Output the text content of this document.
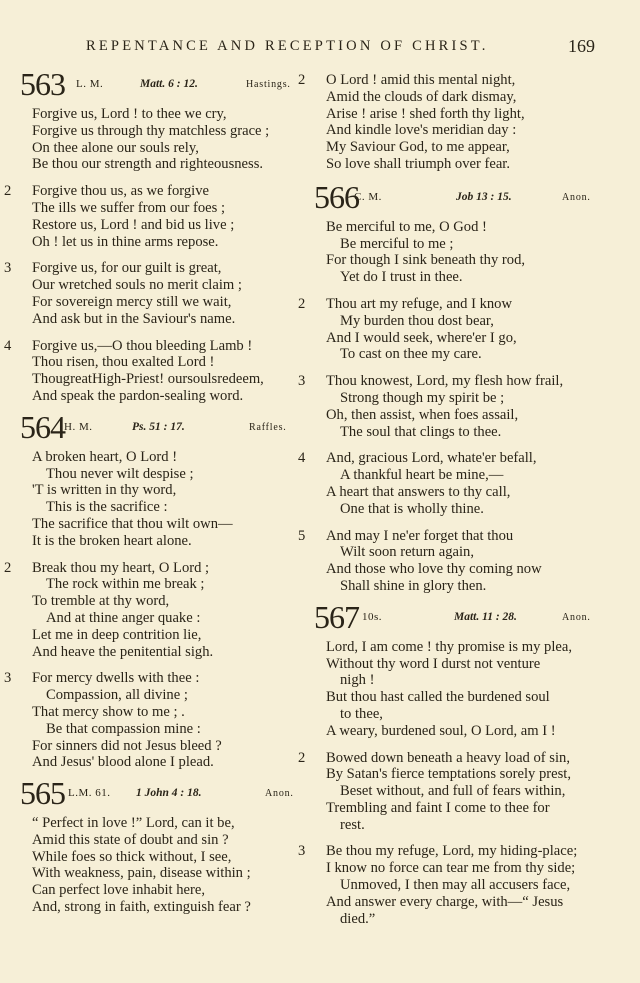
REPENTANCE AND RECEPTION OF CHRIST.	169
563 L. M.	Matt. 6 : 12.	Hastings.
Forgive us, Lord ! to thee we cry,
Forgive us through thy matchless grace ;
On thee alone our souls rely,
Be thou our strength and righteousness.
2	Forgive thou us, as we forgive
The ills we suffer from our foes ;
Restore us, Lord ! and bid us live ;
Oh ! let us in thine arms repose.
3	Forgive us, for our guilt is great,
Our wretched souls no merit claim ;
For sovereign mercy still we wait,
And ask but in the Saviour's name.
4	Forgive us,—O thou bleeding Lamb !
Thou risen, thou exalted Lord !
ThougreatHigh-Priest! oursoulsredeem,
And speak the pardon-sealing word.
564 H. M.	Ps. 51 : 17.	Raffles.
A broken heart, O Lord !
Thou never wilt despise ;
'T is written in thy word,
This is the sacrifice :
The sacrifice that thou wilt own—
It is the broken heart alone.
2	Break thou my heart, O Lord ;
The rock within me break ;
To tremble at thy word,
And at thine anger quake :
Let me in deep contrition lie,
And heave the penitential sigh.
3	For mercy dwells with thee :
Compassion, all divine ;
That mercy show to me ; .
Be that compassion mine :
For sinners did not Jesus bleed ?
And Jesus' blood alone I plead.
565 L.M. 61. 1 John 4 : 18.	Anon.
“ Perfect in love !” Lord, can it be,
Amid this state of doubt and sin ?
While foes so thick without, I see,
With weakness, pain, disease within ;
Can perfect love inhabit here,
And, strong in faith, extinguish fear ?
2	O Lord ! amid this mental night,
Amid the clouds of dark dismay,
Arise ! arise ! shed forth thy light,
And kindle love's meridian day :
My Saviour God, to me appear,
So love shall triumph over fear.
566
C. M.	Job 13 : 15.	Anon.
Be merciful to me, O God !
Be merciful to me ;
For though I sink beneath thy rod,
Yet do I trust in thee.
2	Thou art my refuge, and I know
My burden thou dost bear,
And I would seek, where'er I go,
To cast on thee my care.
3	Thou knowest, Lord, my flesh how frail,
Strong though my spirit be ;
Oh, then assist, when foes assail,
The soul that clings to thee.
4	And, gracious Lord, whate'er befall,
A thankful heart be mine,—
A heart that answers to thy call,
One that is wholly thine.
5	And may I ne'er forget that thou
Wilt soon return again,
And those who love thy coming now
Shall shine in glory then.
567 10s.	Matt. 11 : 28.	Anon.
Lord, I am come ! thy promise is my plea,
Without thy word I durst not venture
nigh !
But thou hast called the burdened soul
to thee,
A weary, burdened soul, O Lord, am I !
2	Bowed down beneath a heavy load of sin,
By Satan's fierce temptations sorely prest,
Beset without, and full of fears within,
Trembling and faint I come to thee for
rest.
3	Be thou my refuge, Lord, my hiding-place;
I know no force can tear me from thy side;
Unmoved, I then may all accusers face,
And answer every charge, with—“ Jesus
died.”
